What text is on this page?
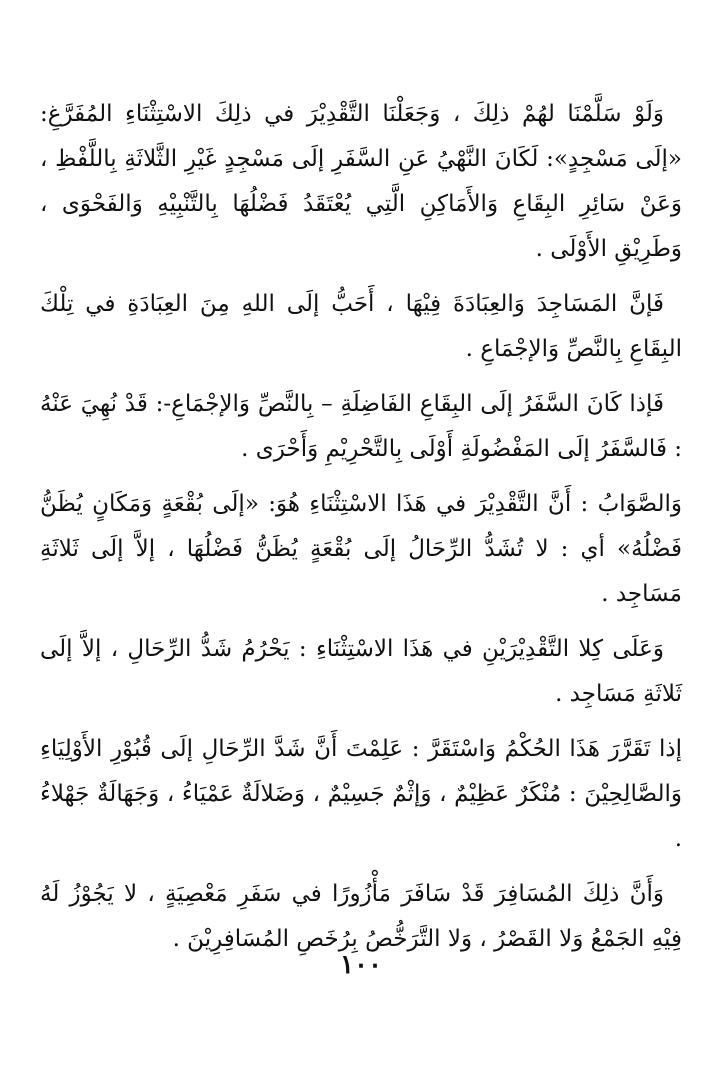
وَلَوْ سَلَّمْنَا لهُمْ ذلِكَ ، وَجَعَلْنَا التَّقْدِيْرَ في ذلِكَ الاسْتِثْنَاءِ المُفَرَّغِ: «إلَى مَسْجِدٍ»: لَكَانَ النَّهْيُ عَنِ السَّفَرِ إلَى مَسْجِدٍ غَيْرِ الثَّلاثَةِ بِاللَّفْظِ ، وَعَنْ سَائِرِ البِقَاعِ وَالأَمَاكِنِ الَّتِي يُعْتَقَدُ فَضْلُهَا بِالتَّنْبِيْهِ وَالفَحْوَى ، وَطَرِيْقِ الأَوْلَى .

فَإنَّ المَسَاجِدَ وَالعِبَادَةَ فِيْهَا ، أَحَبُّ إلَى اللهِ مِنَ العِبَادَةِ في تِلْكَ البِقَاعِ بِالنَّصِّ وَالإجْمَاعِ .

فَإذا كَانَ السَّفَرُ إلَى البِقَاعِ الفَاضِلَةِ – بِالنَّصِّ وَالإجْمَاعِ-: قَدْ نُهِيَ عَنْهُ : فَالسَّفَرُ إلَى المَفْضُولَةِ أَوْلَى بِالتَّحْرِيْمِ وَأَحْرَى .

وَالصَّوَابُ : أَنَّ التَّقْدِيْرَ في هَذَا الاسْتِثْنَاءِ هُوَ: «إلَى بُقْعَةٍ وَمَكَانٍ يُظَنُّ فَضْلُهُ» أي : لا تُشَدُّ الرِّحَالُ إلَى بُقْعَةٍ يُظَنُّ فَضْلُهَا ، إلاَّ إلَى ثَلاثَةِ مَسَاجِد .

وَعَلَى كِلا التَّقْدِيْرَيْنِ في هَذَا الاسْتِثْنَاءِ : يَحْرُمُ شَدُّ الرِّحَالِ ، إلاَّ إلَى ثَلاثَةِ مَسَاجِد .

إذا تَقَرَّرَ هَذَا الحُكْمُ وَاسْتَقَرَّ : عَلِمْتَ أَنَّ شَدَّ الرِّحَالِ إلَى قُبُوْرِ الأَوْلِيَاءِ وَالصَّالِحِيْنَ : مُنْكَرٌ عَظِيْمٌ ، وَإثْمٌ جَسِيْمٌ ، وَضَلالَةٌ عَمْيَاءُ ، وَجَهَالَةٌ جَهْلاءُ .

وَأَنَّ ذلِكَ المُسَافِرَ قَدْ سَافَرَ مَأْزُورًا في سَفَرِ مَعْصِيَةٍ ، لا يَجُوْزُ لَهُ فِيْهِ الجَمْعُ وَلا القَصْرُ ، وَلا التَّرَخُّصُ بِرُخَصِ المُسَافِرِيْنَ .

١٠٠
